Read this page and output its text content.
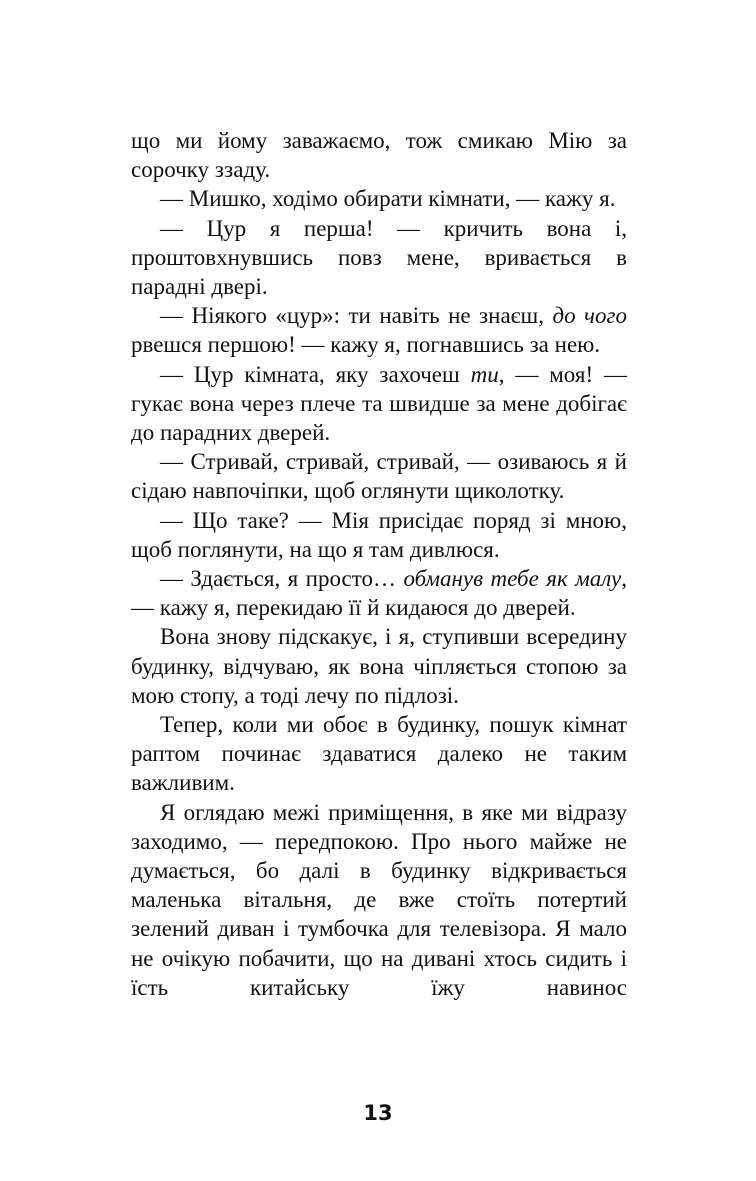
що ми йому заважаємо, тож смикаю Мію за сорочку ззаду.

— Мишко, ходімо обирати кімнати, — кажу я.

— Цур я перша! — кричить вона і, проштовхнувшись повз мене, вривається в парадні двері.

— Ніякого «цур»: ти навіть не знаєш, до чого рвешся першою! — кажу я, погнавшись за нею.

— Цур кімната, яку захочеш ти, — моя! — гукає вона через плече та швидше за мене добігає до парадних дверей.

— Стривай, стривай, стривай, — озиваюсь я й сідаю навпочіпки, щоб оглянути щиколотку.

— Що таке? — Мія присідає поряд зі мною, щоб поглянути, на що я там дивлюся.

— Здається, я просто… обманув тебе як малу, — кажу я, перекидаю її й кидаюся до дверей.

Вона знову підскакує, і я, ступивши всередину будинку, відчуваю, як вона чіпляється стопою за мою стопу, а тоді лечу по підлозі.

Тепер, коли ми обоє в будинку, пошук кімнат раптом починає здаватися далеко не таким важливим.

Я оглядаю межі приміщення, в яке ми відразу заходимо, — передпокою. Про нього майже не думається, бо далі в будинку відкривається маленька вітальня, де вже стоїть потертий зелений диван і тумбочка для телевізора. Я мало не очікую побачити, що на дивані хтось сидить і їсть китайську їжу навинос

13
